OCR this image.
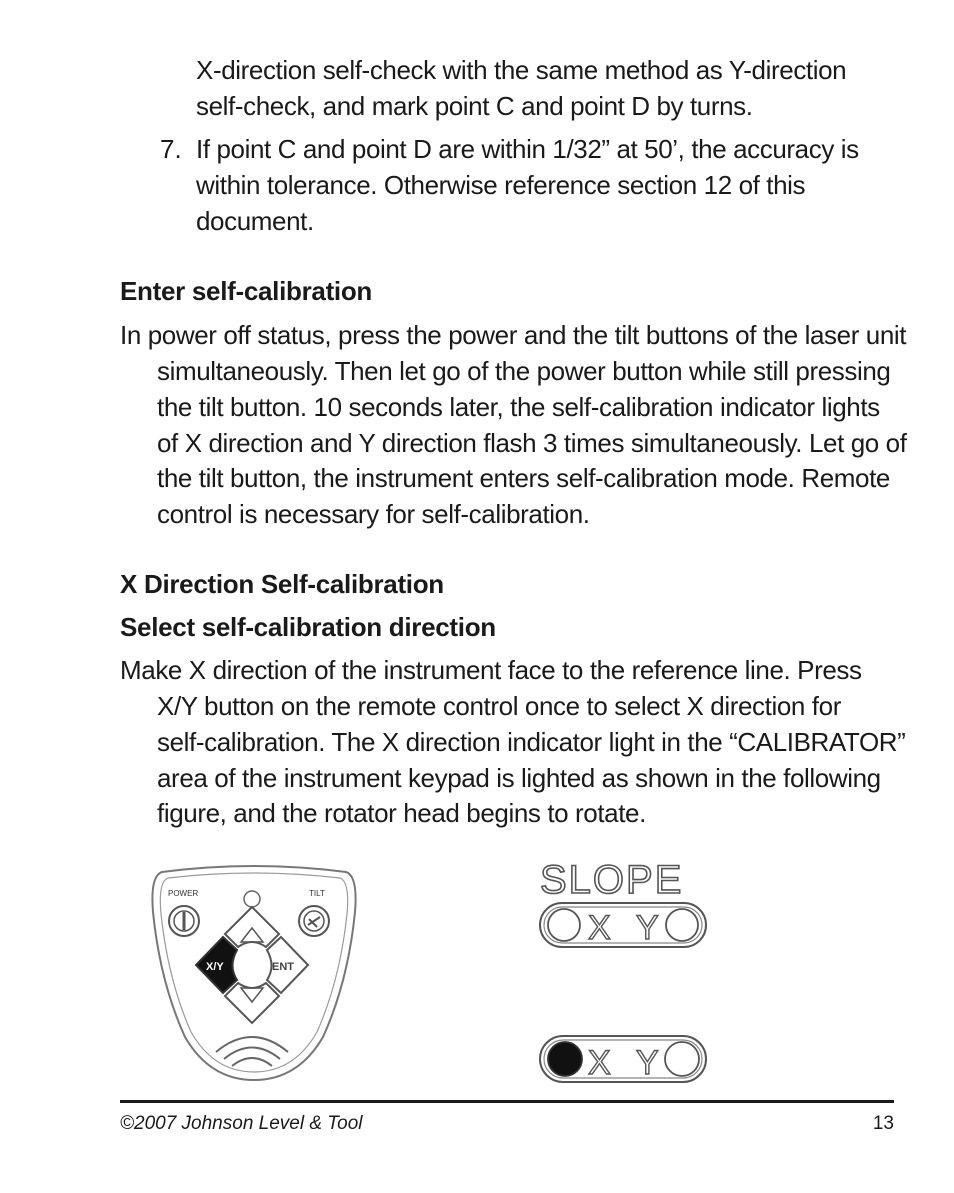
X-direction self-check with the same method as Y-direction
self-check, and mark point C and point D by turns.
7. If point C and point D are within 1/32” at 50’, the accuracy is
within tolerance. Otherwise reference section 12 of this
document.
Enter self-calibration
In power off status, press the power and the tilt buttons of the laser unit
simultaneously. Then let go of the power button while still pressing
the tilt button. 10 seconds later, the self-calibration indicator lights
of X direction and Y direction flash 3 times simultaneously. Let go of
the tilt button, the instrument enters self-calibration mode. Remote
control is necessary for self-calibration.
X Direction Self-calibration
Select self-calibration direction
Make X direction of the instrument face to the reference line. Press
X/Y button on the remote control once to select X direction for
self-calibration. The X direction indicator light in the “CALIBRATOR”
area of the instrument keypad is lighted as shown in the following
figure, and the rotator head begins to rotate.
POWER	TILT
X/Y	ENT
SLOPE
X Y
X Y
©2007 Johnson Level & Tool	13
